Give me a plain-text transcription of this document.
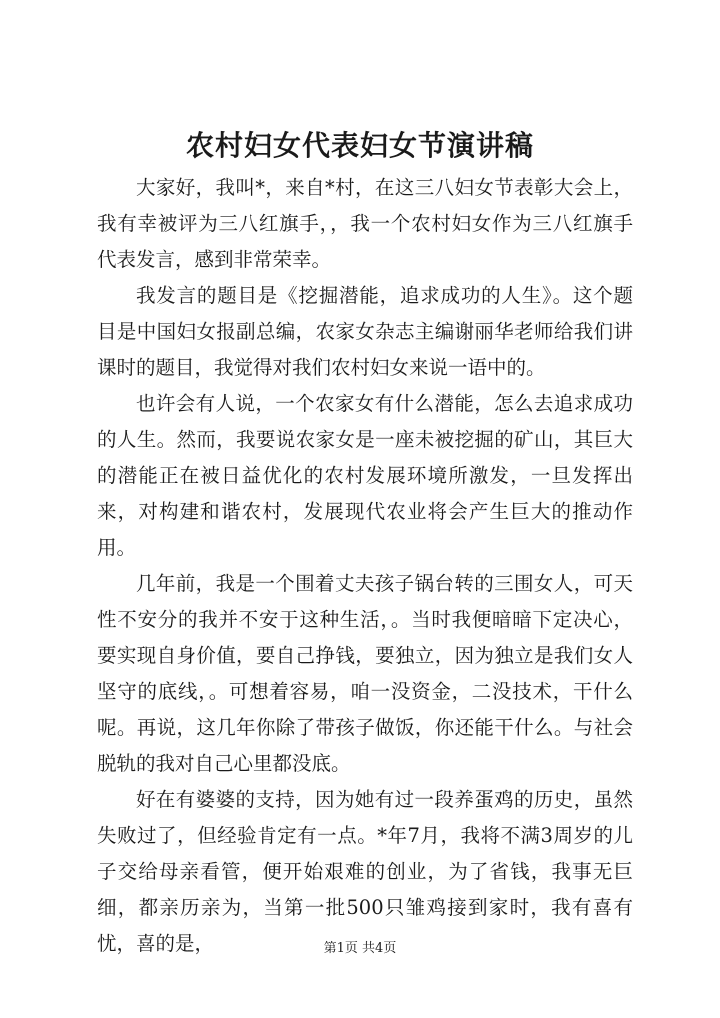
农村妇女代表妇女节演讲稿

大家好，我叫*，来自*村，在这三八妇女节表彰大会上，我有幸被评为三八红旗手，，我一个农村妇女作为三八红旗手代表发言，感到非常荣幸。

我发言的题目是《挖掘潜能，追求成功的人生》。这个题目是中国妇女报副总编，农家女杂志主编谢丽华老师给我们讲课时的题目，我觉得对我们农村妇女来说一语中的。

也许会有人说，一个农家女有什么潜能，怎么去追求成功的人生。然而，我要说农家女是一座未被挖掘的矿山，其巨大的潜能正在被日益优化的农村发展环境所激发，一旦发挥出来，对构建和谐农村，发展现代农业将会产生巨大的推动作用。

几年前，我是一个围着丈夫孩子锅台转的三围女人，可天性不安分的我并不安于这种生活，。当时我便暗暗下定决心，要实现自身价值，要自己挣钱，要独立，因为独立是我们女人坚守的底线，。可想着容易，咱一没资金，二没技术，干什么呢。再说，这几年你除了带孩子做饭，你还能干什么。与社会脱轨的我对自己心里都没底。

好在有婆婆的支持，因为她有过一段养蛋鸡的历史，虽然失败过了，但经验肯定有一点。*年7月，我将不满3周岁的儿子交给母亲看管，便开始艰难的创业，为了省钱，我事无巨细，都亲历亲为，当第一批500只雏鸡接到家时，我有喜有忧，喜的是，	第1页 共4页
